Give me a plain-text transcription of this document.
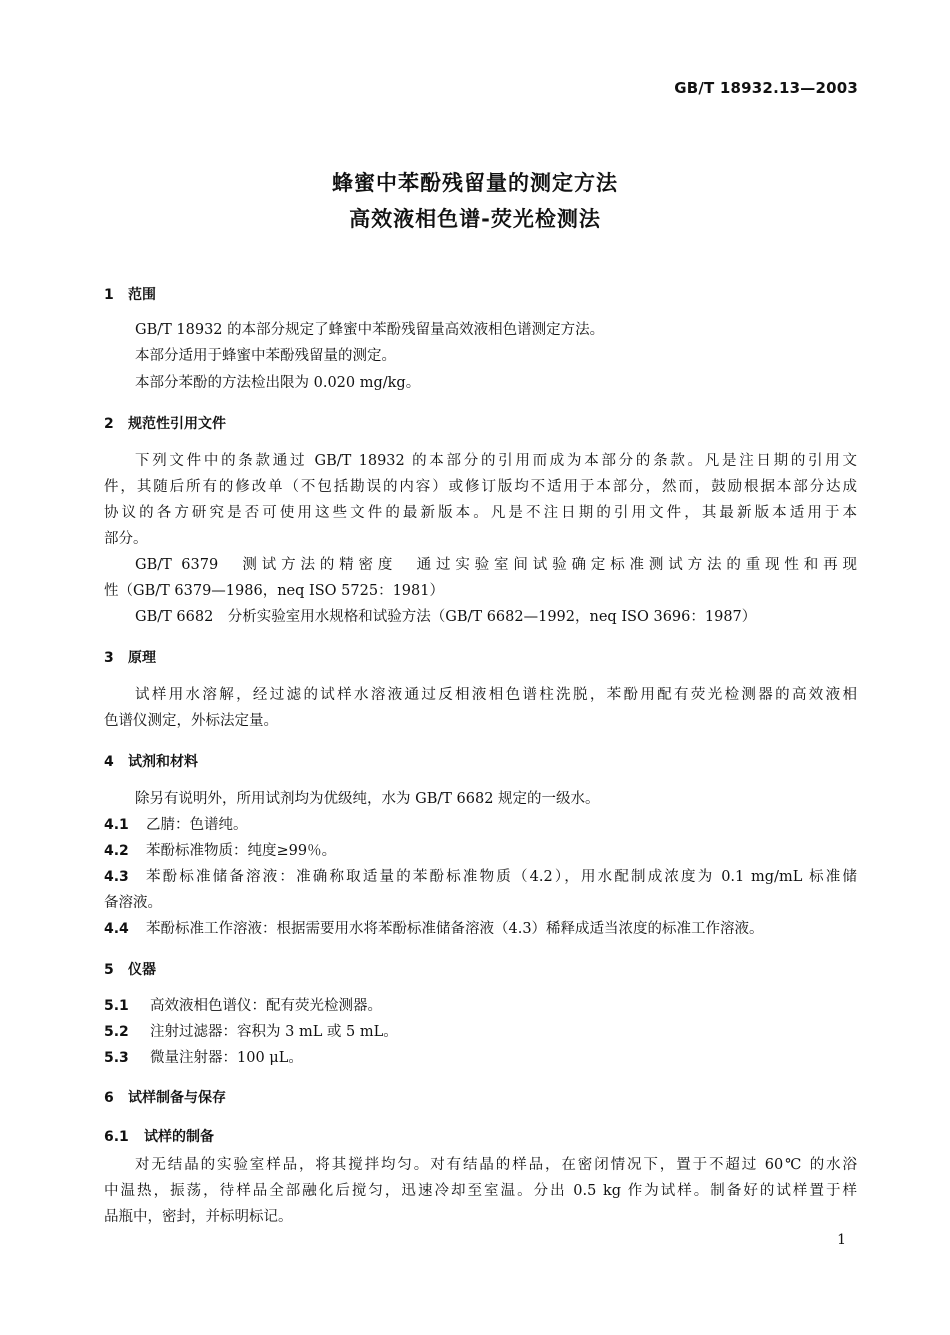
GB/T 18932.13—2003
蜂蜜中苯酚残留量的测定方法
高效液相色谱-荧光检测法
1 范围
GB/T 18932 的本部分规定了蜂蜜中苯酚残留量高效液相色谱测定方法。
本部分适用于蜂蜜中苯酚残留量的测定。
本部分苯酚的方法检出限为 0.020 mg/kg。
2 规范性引用文件
下列文件中的条款通过 GB/T 18932 的本部分的引用而成为本部分的条款。凡是注日期的引用文
件，其随后所有的修改单（不包括勘误的内容）或修订版均不适用于本部分，然而，鼓励根据本部分达成
协议的各方研究是否可使用这些文件的最新版本。凡是不注日期的引用文件，其最新版本适用于本
部分。
GB/T 6379　测试方法的精密度　通过实验室间试验确定标准测试方法的重现性和再现
性（GB/T 6379—1986，neq ISO 5725：1981）
GB/T 6682　分析实验室用水规格和试验方法（GB/T 6682—1992，neq ISO 3696：1987）
3 原理
试样用水溶解，经过滤的试样水溶液通过反相液相色谱柱洗脱，苯酚用配有荧光检测器的高效液相
色谱仪测定，外标法定量。
4 试剂和材料
除另有说明外，所用试剂均为优级纯，水为 GB/T 6682 规定的一级水。
4.1 乙腈：色谱纯。
4.2 苯酚标准物质：纯度≥99％。
4.3	苯酚标准储备溶液：准确称取适量的苯酚标准物质（4.2），用水配制成浓度为 0.1 mg/mL 标准储
备溶液。
4.4 苯酚标准工作溶液：根据需要用水将苯酚标准储备溶液（4.3）稀释成适当浓度的标准工作溶液。
5 仪器
5.1 高效液相色谱仪：配有荧光检测器。
5.2 注射过滤器：容积为 3 mL 或 5 mL。
5.3 微量注射器：100 μL。
6 试样制备与保存
6.1 试样的制备
对无结晶的实验室样品，将其搅拌均匀。对有结晶的样品，在密闭情况下，置于不超过 60℃ 的水浴
中温热，振荡，待样品全部融化后搅匀，迅速冷却至室温。分出 0.5 kg 作为试样。制备好的试样置于样
品瓶中，密封，并标明标记。
1
